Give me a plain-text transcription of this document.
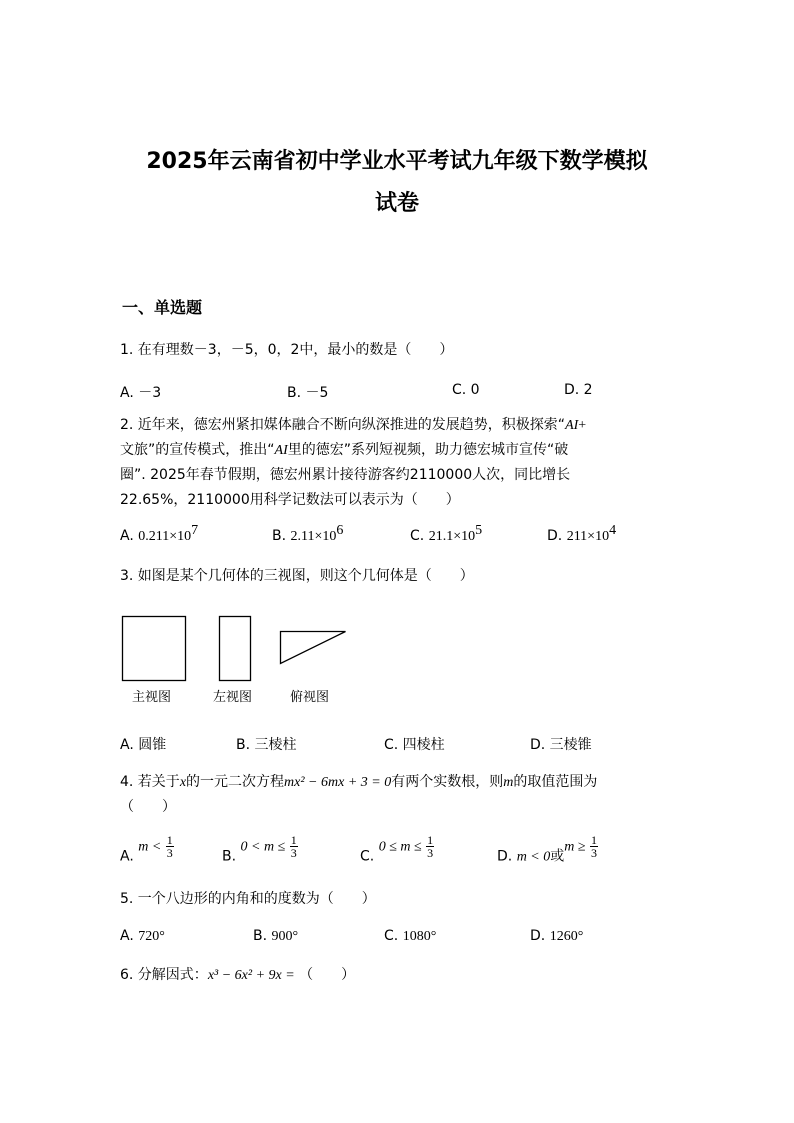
2025年云南省初中学业水平考试九年级下数学模拟
试卷
一、单选题
1. 在有理数－3，－5，0，2中，最小的数是（　　）
A. －3	B. －5	C. 0	D. 2
2. 近年来，德宏州紧扣媒体融合不断向纵深推进的发展趋势，积极探索“AI+
文旅”的宣传模式，推出“AI里的德宏”系列短视频，助力德宏城市宣传“破
圈”. 2025年春节假期，德宏州累计接待游客约2110000人次，同比增长
22.65%，2110000用科学记数法可以表示为（　　）
A. $0.211\times 10^7$	B. $2.11\times 10^6$	C. $21.1\times 10^5$	D. $211\times 10^4$
3. 如图是某个几何体的三视图，则这个几何体是（　　）
主视图	左视图	俯视图
A. 圆锥	B. 三棱柱	C. 四棱柱	D. 三棱锥
4. 若关于x的一元二次方程mx² − 6mx + 3 = 0有两个实数根，则m的取值范围为
（　　）
A. $m < \frac{1}{3}$	B. $0 < m \le \frac{1}{3}$	C. $0 \le m \le \frac{1}{3}$	D. m < 0或$m \ge \frac{1}{3}$
5. 一个八边形的内角和的度数为（　　）
A. 720°	B. 900°	C. 1080°	D. 1260°
6. 分解因式：x³ − 6x² + 9x = （　　）
